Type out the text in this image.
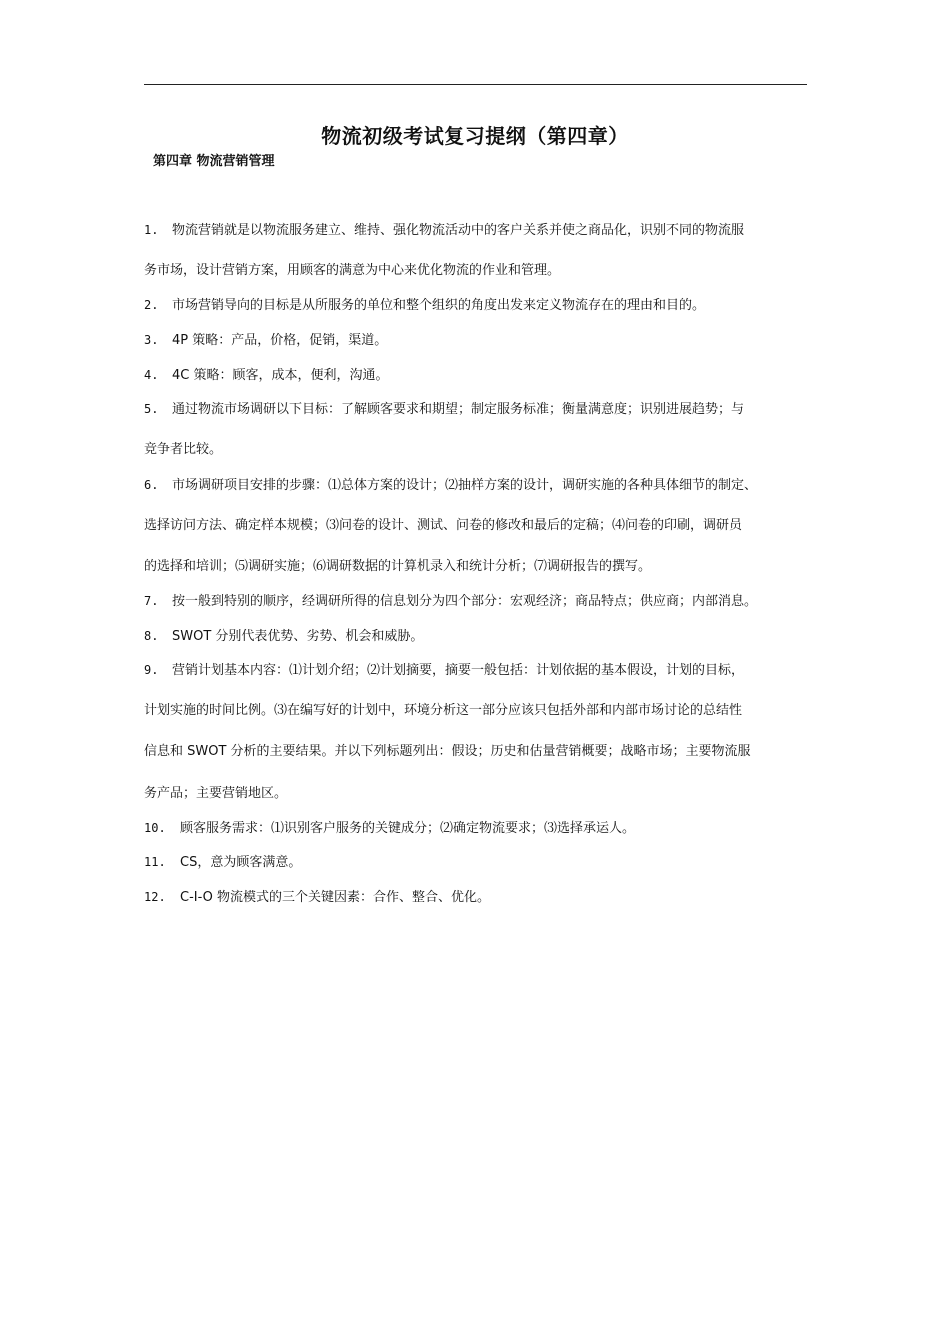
物流初级考试复习提纲（第四章）
第四章 物流营销管理
1. 物流营销就是以物流服务建立、维持、强化物流活动中的客户关系并使之商品化，识别不同的物流服
务市场，设计营销方案，用顾客的满意为中心来优化物流的作业和管理。
2. 市场营销导向的目标是从所服务的单位和整个组织的角度出发来定义物流存在的理由和目的。
3. 4P 策略：产品，价格，促销，渠道。
4. 4C 策略：顾客，成本，便利，沟通。
5. 通过物流市场调研以下目标：了解顾客要求和期望；制定服务标准；衡量满意度；识别进展趋势；与
竞争者比较。
6. 市场调研项目安排的步骤：⑴总体方案的设计；⑵抽样方案的设计，调研实施的各种具体细节的制定、
选择访问方法、确定样本规模；⑶问卷的设计、测试、问卷的修改和最后的定稿；⑷问卷的印刷，调研员
的选择和培训；⑸调研实施；⑹调研数据的计算机录入和统计分析；⑺调研报告的撰写。
7. 按一般到特别的顺序，经调研所得的信息划分为四个部分：宏观经济；商品特点；供应商；内部消息。
8. SWOT 分别代表优势、劣势、机会和威胁。
9. 营销计划基本内容：⑴计划介绍；⑵计划摘要，摘要一般包括：计划依据的基本假设，计划的目标，
计划实施的时间比例。⑶在编写好的计划中，环境分析这一部分应该只包括外部和内部市场讨论的总结性
信息和 SWOT 分析的主要结果。并以下列标题列出：假设；历史和估量营销概要；战略市场；主要物流服
务产品；主要营销地区。
10. 顾客服务需求：⑴识别客户服务的关键成分；⑵确定物流要求；⑶选择承运人。
11. CS，意为顾客满意。
12. C-I-O 物流模式的三个关键因素：合作、整合、优化。
